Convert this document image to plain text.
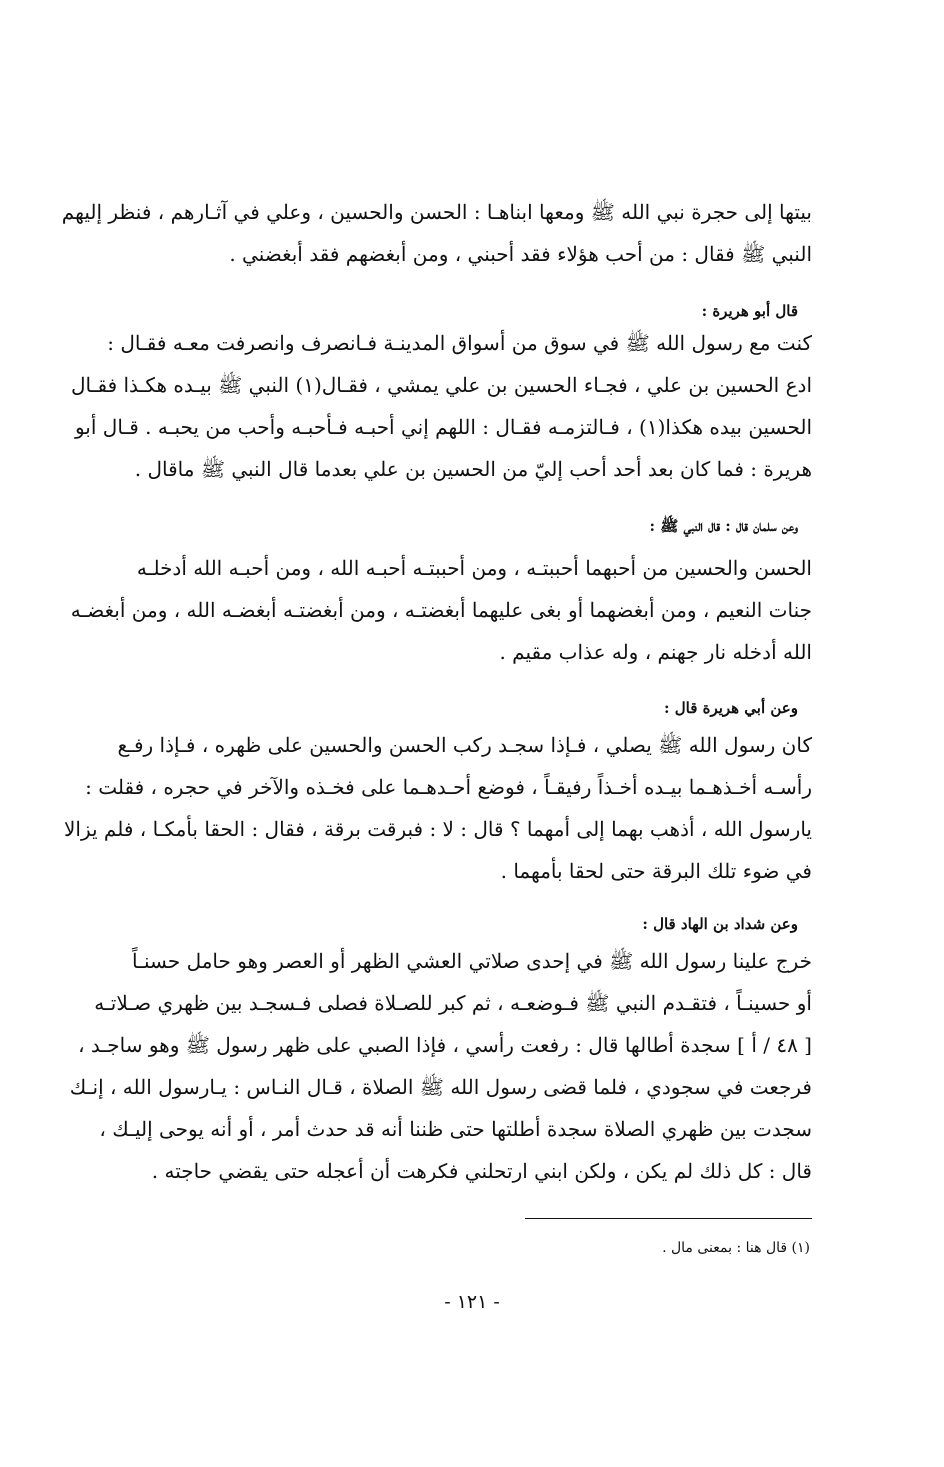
بيتها إلى حجرة نبي الله ﷺ ومعها ابناهـا : الحسن والحسين ، وعلي في آثـارهم ، فنظر إليهم
النبي ﷺ فقال : من أحب هؤلاء فقد أحبني ، ومن أبغضهم فقد أبغضني .
قال أبو هريرة :
كنت مع رسول الله ﷺ في سوق من أسواق المدينـة فـانصرف وانصرفت معـه فقـال :
ادع الحسين بن علي ، فجـاء الحسين بن علي يمشي ، فقـال(١) النبي ﷺ بيـده هكـذا فقـال
الحسين بيده هكذا(١) ، فـالتزمـه فقـال : اللهم إني أحبـه فـأحبـه وأحب من يحبـه . قـال أبو
هريرة : فما كان بعد أحد أحب إليّ من الحسين بن علي بعدما قال النبي ﷺ ماقال .
وعن سلمان قال : قال النبي ﷺ :
الحسن والحسين من أحبهما أحببتـه ، ومن أحببتـه أحبـه الله ، ومن أحبـه الله أدخلـه
جنات النعيم ، ومن أبغضهما أو بغى عليهما أبغضتـه ، ومن أبغضتـه أبغضـه الله ، ومن أبغضـه
الله أدخله نار جهنم ، وله عذاب مقيم .
وعن أبي هريرة قال :
كان رسول الله ﷺ يصلي ، فـإذا سجـد ركب الحسن والحسين على ظهره ، فـإذا رفـع
رأسـه أخـذهـما بيـده أخـذاً رفيقـاً ، فوضع أحـدهـما على فخـذه والآخر في حجره ، فقلت :
يارسول الله ، أذهب بهما إلى أمهما ؟ قال : لا : فبرقت برقة ، فقال : الحقا بأمكـا ، فلم يزالا
في ضوء تلك البرقة حتى لحقا بأمهما .
وعن شداد بن الهاد قال :
خرج علينا رسول الله ﷺ في إحدى صلاتي العشي الظهر أو العصر وهو حامل حسنـاً
أو حسينـاً ، فتقـدم النبي ﷺ فـوضعـه ، ثم كبر للصـلاة فصلى فـسجـد بين ظهري صـلاتـه
[ ٤٨ / أ ] سجدة أطالها قال : رفعت رأسي ، فإذا الصبي على ظهر رسول ﷺ وهو ساجـد ،
فرجعت في سجودي ، فلما قضى رسول الله ﷺ الصلاة ، قـال النـاس : يـارسول الله ، إنـك
سجدت بين ظهري الصلاة سجدة أطلتها حتى ظننا أنه قد حدث أمر ، أو أنه يوحى إليـك ،
قال : كل ذلك لم يكن ، ولكن ابني ارتحلني فكرهت أن أعجله حتى يقضي حاجته .
(١) قال هنا : بمعنى مال .
- ١٢١ -
